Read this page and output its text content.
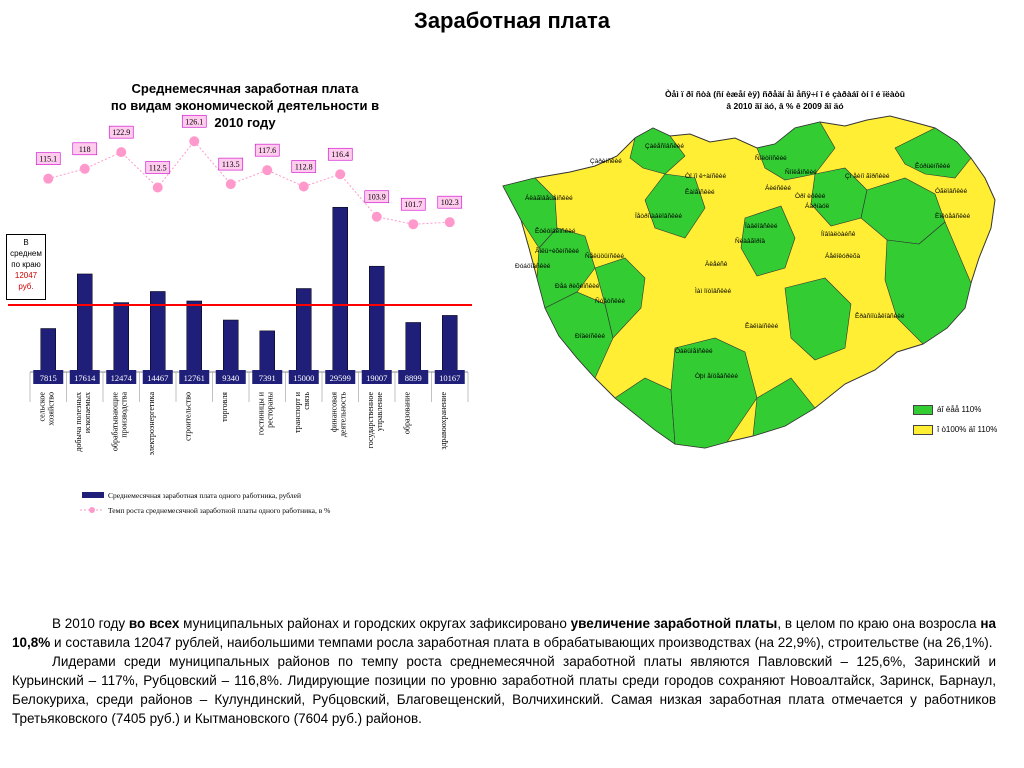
Заработная плата
Среднемесячная заработная плата
по видам экономической деятельности в
2010 году
7815 17614 12474 14467 12761 9340 7391 15000 29599 19007 8899 10167
115.1
118
122.9
112.5
126.1
113.5
117.6
112.8
116.4
103.9
101.7 102.3
сельское хозяйство добыча полезных ископаемых обрабатывающие производства электроэнергетика	строительство	торговля	гостиницы и рестораны транспорт и связь финансовая деятельность государственное управление образование	здравоохранение
Среднемесячная заработная плата одного работника, рублей
Темп роста среднемесячной заработной платы одного работника, в %
В
среднем
по краю
12047
руб.
Òåì ï ðî ñòà (ñí èæåí èÿ) ñðåäí åì åñÿ÷í î é çàðàáî òí î é ïëàòû
â 2010 ãî äó, â % ê 2009 ãî äó
Çàëåñîâñêèé
Çàðèíñêèé
Òî ïî ë÷àíñêèé
Êàìåíñêèé
Ñîëòîíñêèé
Áèéñêèé
Ñìîëåíñêèé
Òðî èöêèé
Çì åèíî ãîðñêèé
Ïàâëîâñêèé
Áëàãîâåùåíñêèé
Êóëóíäèíñêèé
Ðóáöîâñêèé
Âîëü÷èõèíñêèé
Ðåá ðèõèíñêèé
Ñóåòñêèé
Êóðüèíñêèé
Óãëîâñêèé
Ëîêòåâñêèé
Ñëàâãîðîä
Àëåéñê
Áàðíàóë
Íîâîàëòàéñê
Áåëîêóðèõà
Ìàì îíòîâñêèé
Ðîäèíñêèé
Òàëüìåíñêèé
Êàëìàíñêèé
Òþì åíöåâñêèé
Êðàñíîùåêîâñêèé
Ïåòðîïàâëîâñêèé
Ñåëüöûíñêèé
áî ëåå 110%
î ò100% äî 110%

В 2010 году во всех муниципальных районах и городских округах зафиксировано увеличение заработной платы, в целом по краю она возросла на 10,8% и составила 12047 рублей, наибольшими темпами росла заработная плата в обрабатывающих производствах (на 22,9%), строительстве (на 26,1%).

Лидерами среди муниципальных районов по темпу роста среднемесячной заработной платы являются Павловский – 125,6%, Заринский и Курьинский – 117%, Рубцовский – 116,8%. Лидирующие позиции по уровню заработной платы среди городов сохраняют Новоалтайск, Заринск, Барнаул, Белокуриха, среди районов – Кулундинский, Рубцовский, Благовещенский, Волчихинский. Самая низкая заработная плата отмечается у работников Третьяковского (7405 руб.) и Кытмановского (7604 руб.) районов.
